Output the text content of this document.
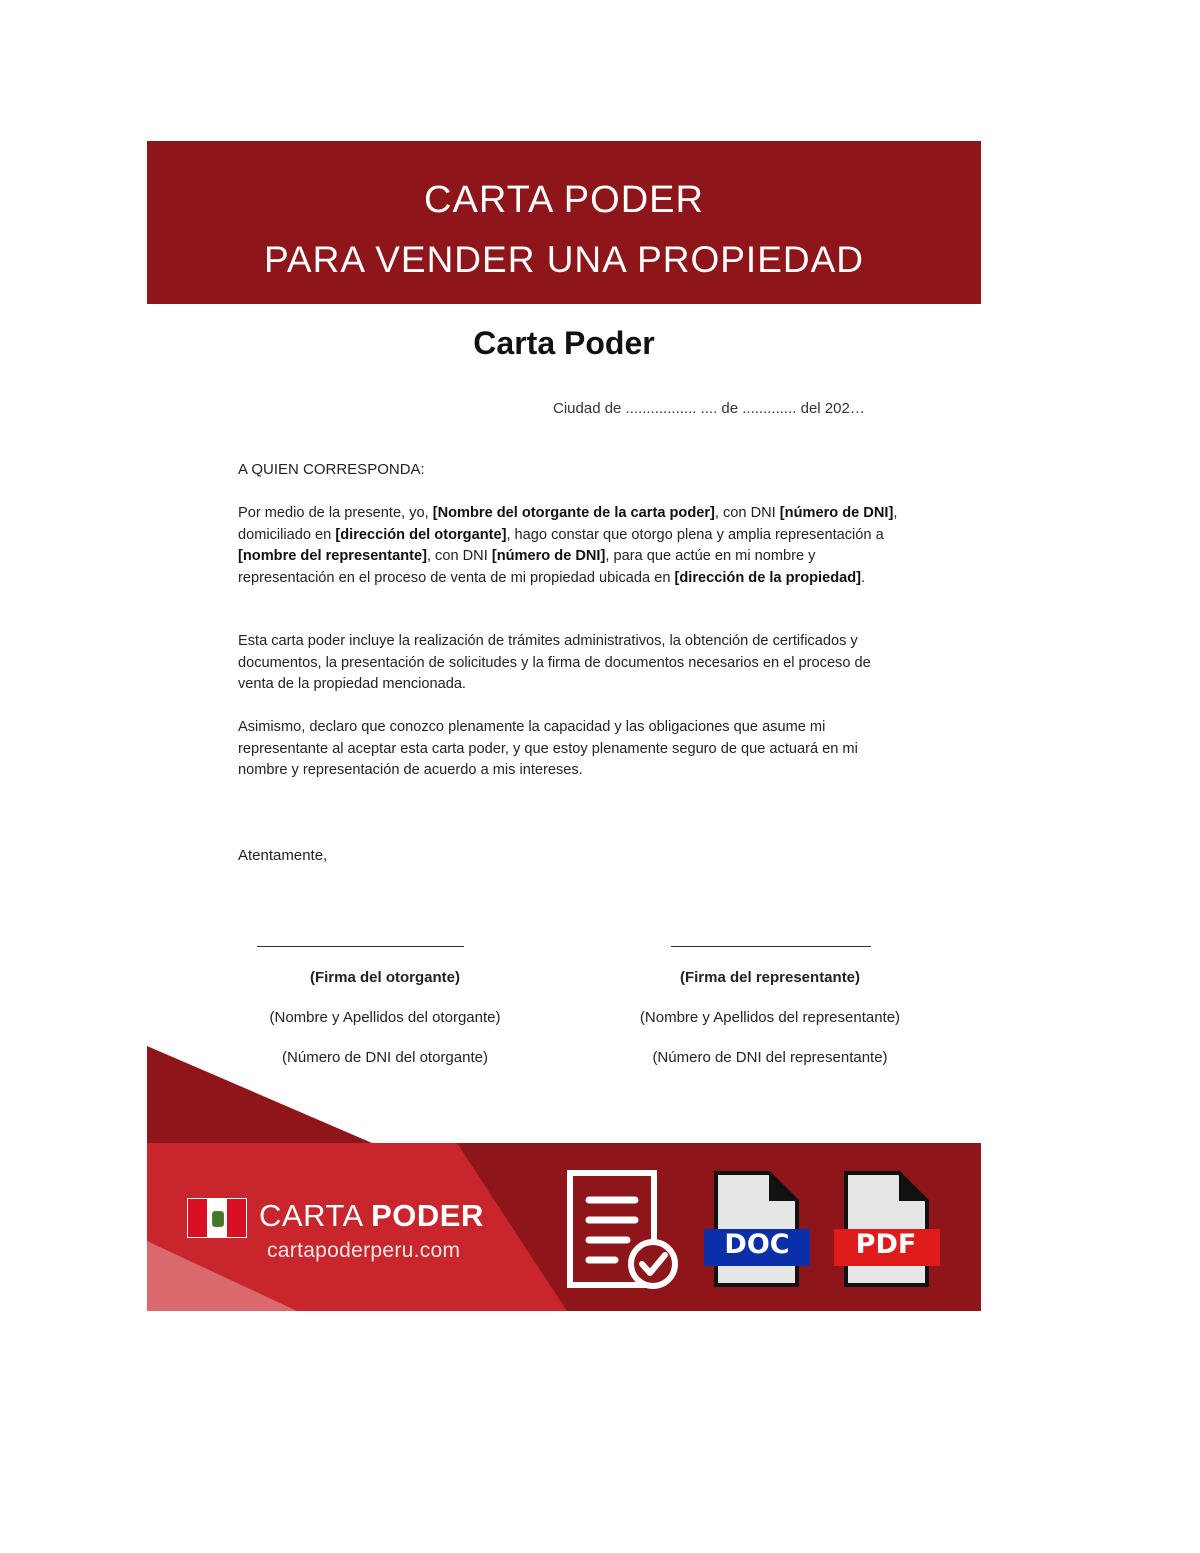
CARTA PODER
PARA VENDER UNA PROPIEDAD
Carta Poder
Ciudad de ................. .... de ............. del 202…
A QUIEN CORRESPONDA:
Por medio de la presente, yo, [Nombre del otorgante de la carta poder], con DNI [número de DNI], domiciliado en [dirección del otorgante], hago constar que otorgo plena y amplia representación a [nombre del representante], con DNI [número de DNI], para que actúe en mi nombre y representación en el proceso de venta de mi propiedad ubicada en [dirección de la propiedad].
Esta carta poder incluye la realización de trámites administrativos, la obtención de certificados y documentos, la presentación de solicitudes y la firma de documentos necesarios en el proceso de venta de la propiedad mencionada.
Asimismo, declaro que conozco plenamente la capacidad y las obligaciones que asume mi representante al aceptar esta carta poder, y que estoy plenamente seguro de que actuará en mi nombre y representación de acuerdo a mis intereses.
Atentamente,
(Firma del otorgante)
(Nombre y Apellidos del otorgante)
(Número de DNI del otorgante)
(Firma del representante)
(Nombre y Apellidos del representante)
(Número de DNI del representante)
CARTA PODER
cartapoderperu.com	DOC	PDF
